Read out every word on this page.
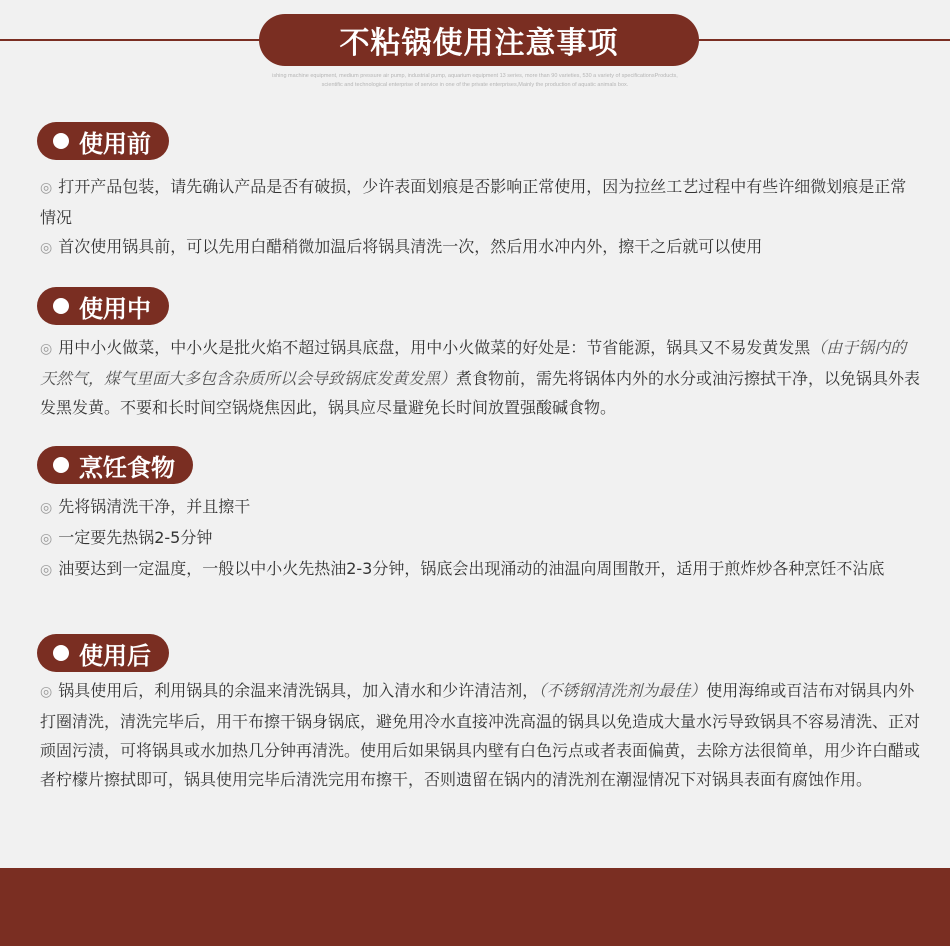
不粘锅使用注意事项
ishing machine equipment, medium pressure air pump, industrial pump, aquarium equipment 13 series, more than 90 varieties, 530 a variety of specificationsProducts,
scientific and technological enterprise of service in one of the private enterprises,Mainly the production of aquatic animals box.
使用前

◎ 打开产品包装，请先确认产品是否有破损，少许表面划痕是否影响正常使用，因为拉丝工艺过程中有些许细微划痕是正常情况

◎ 首次使用锅具前，可以先用白醋稍微加温后将锅具清洗一次，然后用水冲内外，擦干之后就可以使用

使用中

◎ 用中小火做菜，中小火是批火焰不超过锅具底盘，用中小火做菜的好处是：节省能源，锅具又不易发黄发黑（由于锅内的天然气，煤气里面大多包含杂质所以会导致锅底发黄发黑）煮食物前，需先将锅体内外的水分或油污擦拭干净，以免锅具外表发黑发黄。不要和长时间空锅烧焦因此，锅具应尽量避免长时间放置强酸碱食物。

烹饪食物

◎ 先将锅清洗干净，并且擦干

◎ 一定要先热锅2-5分钟

◎ 油要达到一定温度，一般以中小火先热油2-3分钟，锅底会出现涌动的油温向周围散开，适用于煎炸炒各种烹饪不沾底

使用后

◎ 锅具使用后，利用锅具的余温来清洗锅具，加入清水和少许清洁剂，（不锈钢清洗剂为最佳）使用海绵或百洁布对锅具内外打圈清洗，清洗完毕后，用干布擦干锅身锅底，避免用冷水直接冲洗高温的锅具以免造成大量水污导致锅具不容易清洗、正对顽固污渍，可将锅具或水加热几分钟再清洗。使用后如果锅具内壁有白色污点或者表面偏黄，去除方法很简单，用少许白醋或者柠檬片擦拭即可，锅具使用完毕后清洗完用布擦干，否则遗留在锅内的清洗剂在潮湿情况下对锅具表面有腐蚀作用。
